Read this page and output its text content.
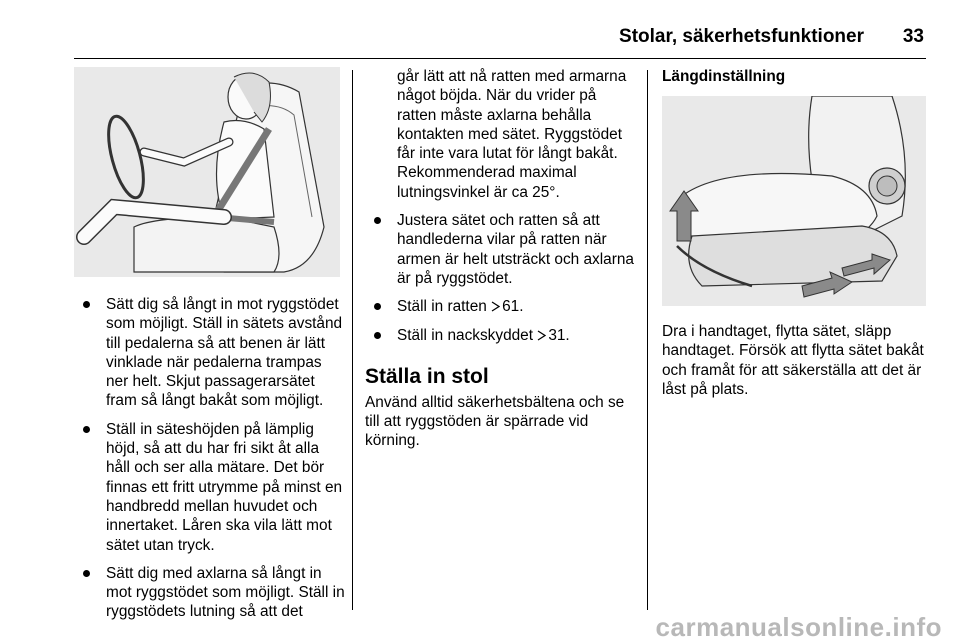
Stolar, säkerhetsfunktioner 33
Sätt dig så långt in mot ryggstödet som möjligt. Ställ in sätets avstånd till pedalerna så att benen är lätt vinklade när pedalerna trampas ner helt. Skjut passagerarsätet fram så långt bakåt som möjligt.
Ställ in säteshöjden på lämplig höjd, så att du har fri sikt åt alla håll och ser alla mätare. Det bör finnas ett fritt utrymme på minst en handbredd mellan huvudet och innertaket. Låren ska vila lätt mot sätet utan tryck.
Sätt dig med axlarna så långt in mot ryggstödet som möjligt. Ställ in ryggstödets lutning så att det

går lätt att nå ratten med armarna något böjda. När du vrider på ratten måste axlarna behålla kontakten med sätet. Ryggstödet får inte vara lutat för långt bakåt. Rekommenderad maximal lutningsvinkel är ca 25°.

Justera sätet och ratten så att handlederna vilar på ratten när armen är helt utsträckt och axlarna är på ryggstödet.
Ställ in ratten 61.
Ställ in nackskyddet 31.
Ställa in stol

Använd alltid säkerhetsbältena och se till att ryggstöden är spärrade vid körning.

Längdinställning

Dra i handtaget, flytta sätet, släpp handtaget. Försök att flytta sätet bakåt och framåt för att säkerställa att det är låst på plats.

carmanualsonline.info
